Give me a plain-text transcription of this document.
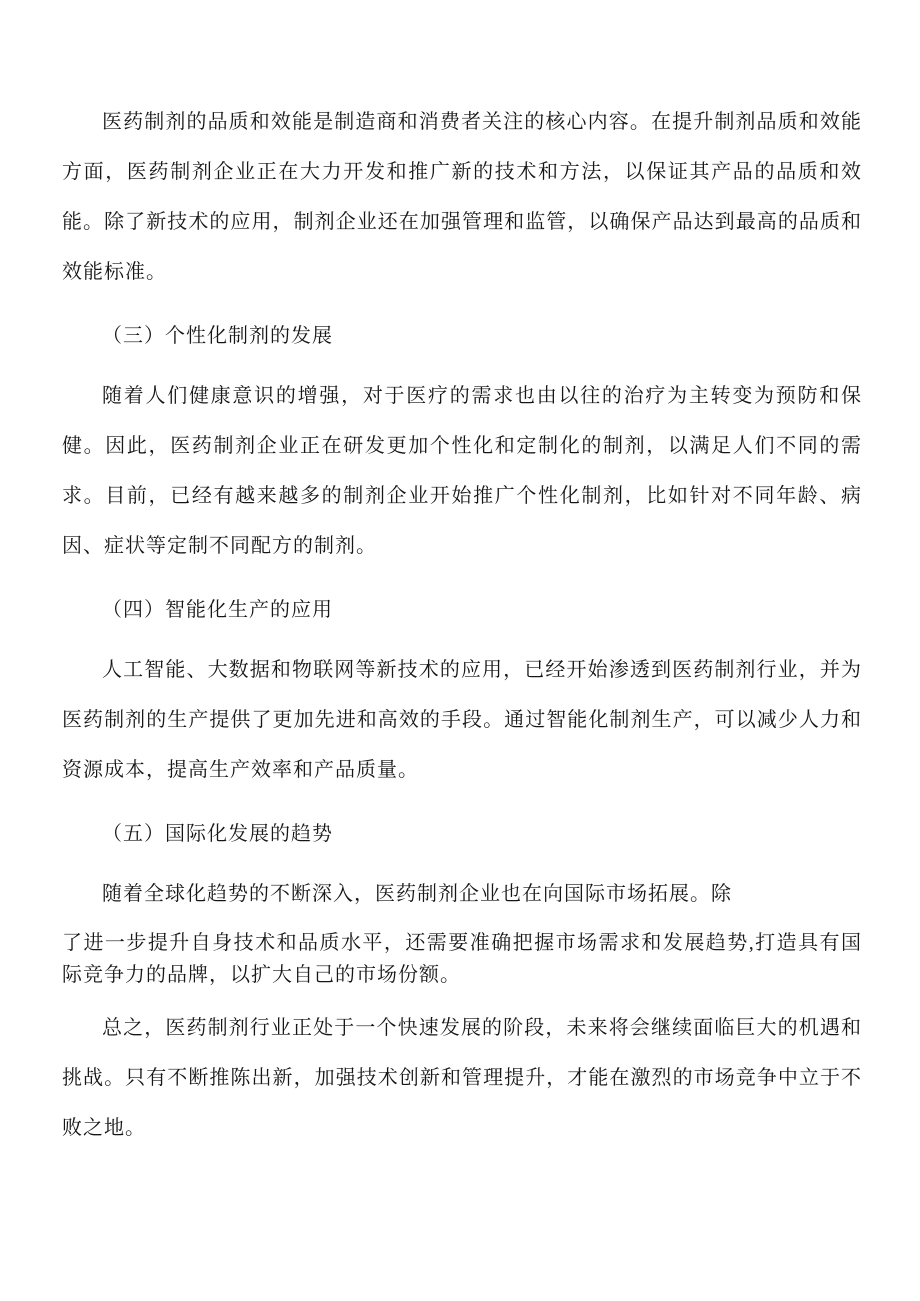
医药制剂的品质和效能是制造商和消费者关注的核心内容。在提升制剂品质和效能方面，医药制剂企业正在大力开发和推广新的技术和方法，以保证其产品的品质和效能。除了新技术的应用，制剂企业还在加强管理和监管，以确保产品达到最高的品质和效能标准。

（三）个性化制剂的发展

随着人们健康意识的增强，对于医疗的需求也由以往的治疗为主转变为预防和保健。因此，医药制剂企业正在研发更加个性化和定制化的制剂，以满足人们不同的需求。目前，已经有越来越多的制剂企业开始推广个性化制剂，比如针对不同年龄、病因、症状等定制不同配方的制剂。

（四）智能化生产的应用

人工智能、大数据和物联网等新技术的应用，已经开始渗透到医药制剂行业，并为医药制剂的生产提供了更加先进和高效的手段。通过智能化制剂生产，可以减少人力和资源成本，提高生产效率和产品质量。

（五）国际化发展的趋势

随着全球化趋势的不断深入，医药制剂企业也在向国际市场拓展。除

了进一步提升自身技术和品质水平，还需要准确把握市场需求和发展趋势,打造具有国际竞争力的品牌，以扩大自己的市场份额。

总之，医药制剂行业正处于一个快速发展的阶段，未来将会继续面临巨大的机遇和挑战。只有不断推陈出新，加强技术创新和管理提升，才能在激烈的市场竞争中立于不败之地。
